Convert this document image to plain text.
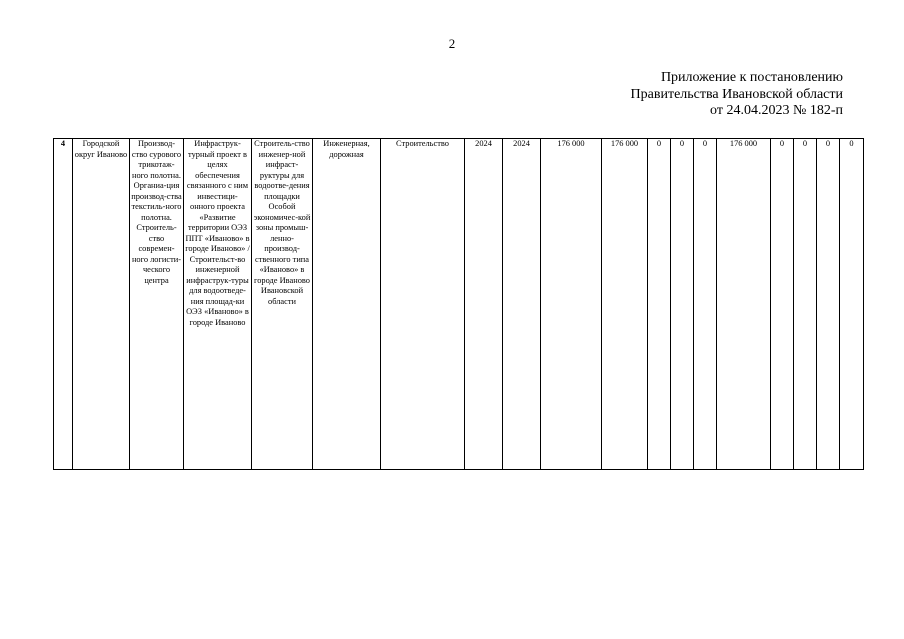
2
Приложение к постановлению
Правительства Ивановской области
от 24.04.2023 № 182-п
4	Городской округ Иваново	Производ-ство сурового трикотаж-ного полотна. Органиа-ция производ-ства текстиль-ного полотна. Строитель-ство современ-ного логисти-ческого центра	Инфраструк-турный проект в целях обеспечения связанного с ним инвестици-онного проекта «Развитие территории ОЭЗ ППТ «Иваново» в городе Иваново» / Строительст-во инженерной инфраструк-туры для водоотведе-ния площад-ки ОЭЗ «Иваново» в городе Иваново	Строитель-ство инженер-ной инфраст-руктуры для водоотве-дения площадки Особой экономичес-кой зоны промыш-ленно-производ-ственного типа «Иваново» в городе Иваново Ивановской области	Инженерная, дорожная	Строительство	2024	2024	176 000	176 000	0	0	0	176 000	0	0	0	0
